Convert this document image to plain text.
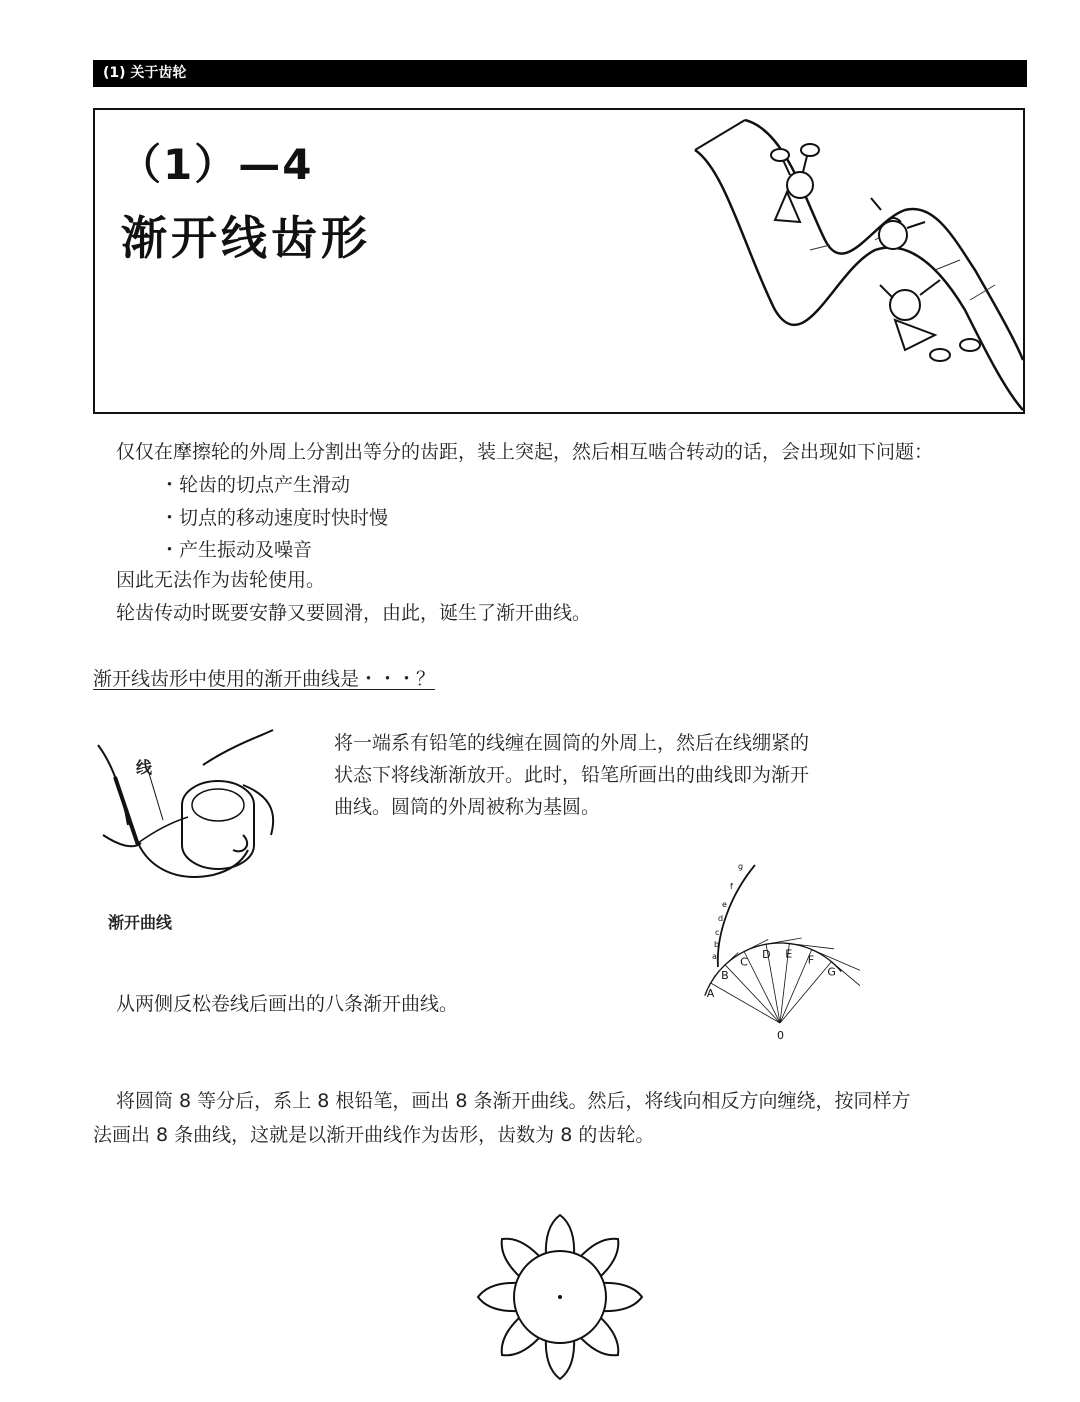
(1) 关于齿轮
（1）—4
渐开线齿形
仅仅在摩擦轮的外周上分割出等分的齿距，装上突起，然后相互啮合转动的话，会出现如下问题：
・轮齿的切点产生滑动
・切点的移动速度时快时慢
・产生振动及噪音
因此无法作为齿轮使用。
轮齿传动时既要安静又要圆滑，由此，诞生了渐开曲线。
渐开线齿形中使用的渐开曲线是・・・？
线
渐开曲线
将一端系有铅笔的线缠在圆筒的外周上，然后在线绷紧的
状态下将线渐渐放开。此时，铅笔所画出的曲线即为渐开
曲线。圆筒的外周被称为基圆。
A
B
C
D E F
G
a
b
c
d
e
f
g
0
从两侧反松卷线后画出的八条渐开曲线。
将圆筒 8 等分后，系上 8 根铅笔，画出 8 条渐开曲线。然后，将线向相反方向缠绕，按同样方
法画出 8 条曲线，这就是以渐开曲线作为齿形，齿数为 8 的齿轮。
